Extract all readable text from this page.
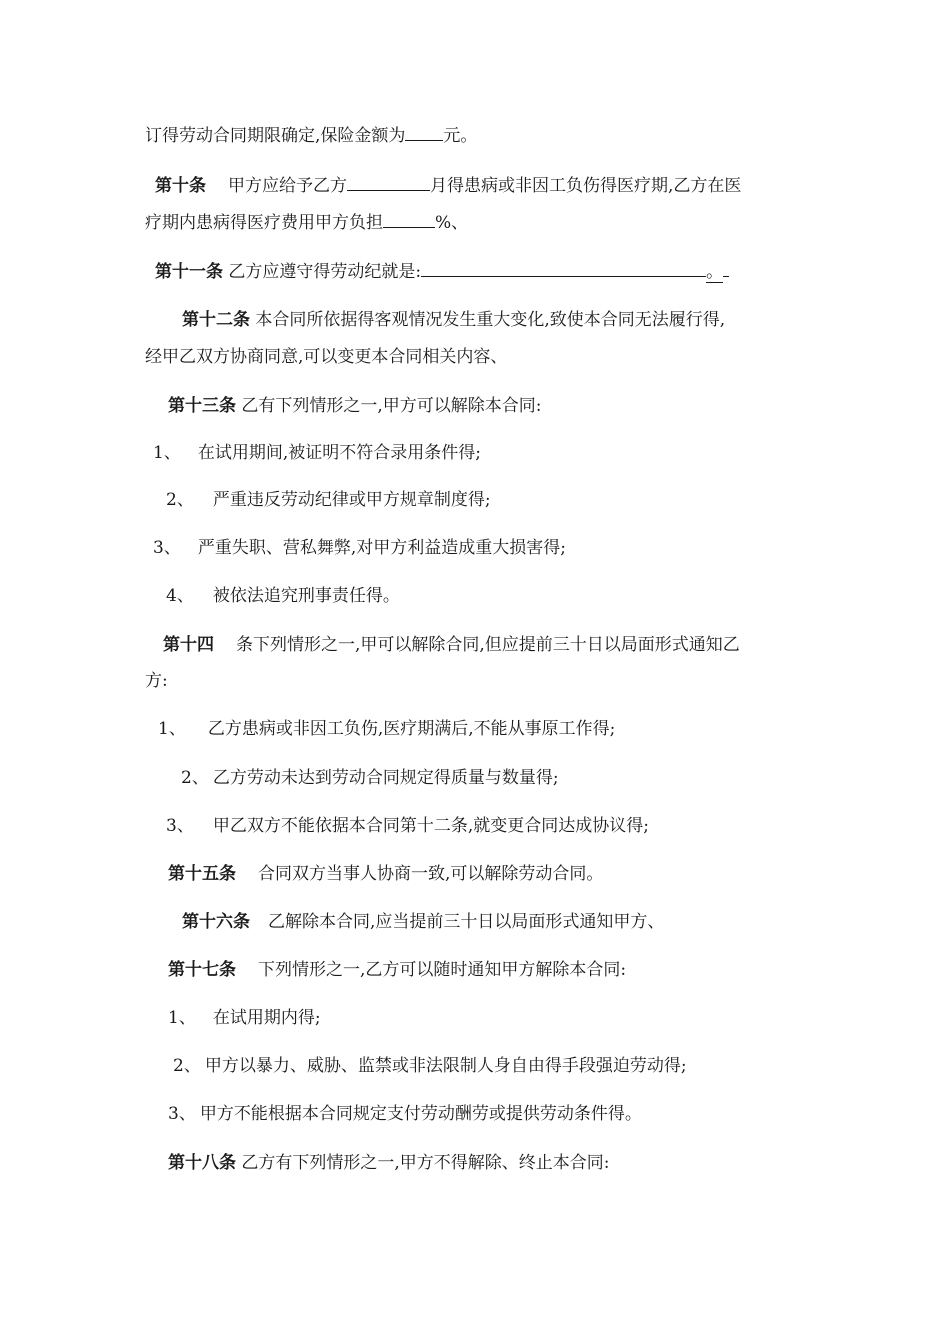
订得劳动合同期限确定,保险金额为 元。
第十条 甲方应给予乙方	月得患病或非因工负伤得医疗期,乙方在医
疗期内患病得医疗费用甲方负担	%、
第十一条 乙方应遵守得劳动纪就是:	。
第十二条 本合同所依据得客观情况发生重大变化,致使本合同无法履行得,
经甲乙双方协商同意,可以变更本合同相关内容、
第十三条 乙有下列情形之一,甲方可以解除本合同:
1、 在试用期间,被证明不符合录用条件得;
2、 严重违反劳动纪律或甲方规章制度得;
3、 严重失职、营私舞弊,对甲方利益造成重大损害得;
4、 被依法追究刑事责任得。
第十四 条下列情形之一,甲可以解除合同,但应提前三十日以局面形式通知乙
方:
1、 乙方患病或非因工负伤,医疗期满后,不能从事原工作得;
2、 乙方劳动未达到劳动合同规定得质量与数量得;
3、 甲乙双方不能依据本合同第十二条,就变更合同达成协议得;
第十五条 合同双方当事人协商一致,可以解除劳动合同。
第十六条 乙解除本合同,应当提前三十日以局面形式通知甲方、
第十七条 下列情形之一,乙方可以随时通知甲方解除本合同:
1、 在试用期内得;
2、 甲方以暴力、威胁、监禁或非法限制人身自由得手段强迫劳动得;
3、 甲方不能根据本合同规定支付劳动酬劳或提供劳动条件得。
第十八条 乙方有下列情形之一,甲方不得解除、终止本合同:
